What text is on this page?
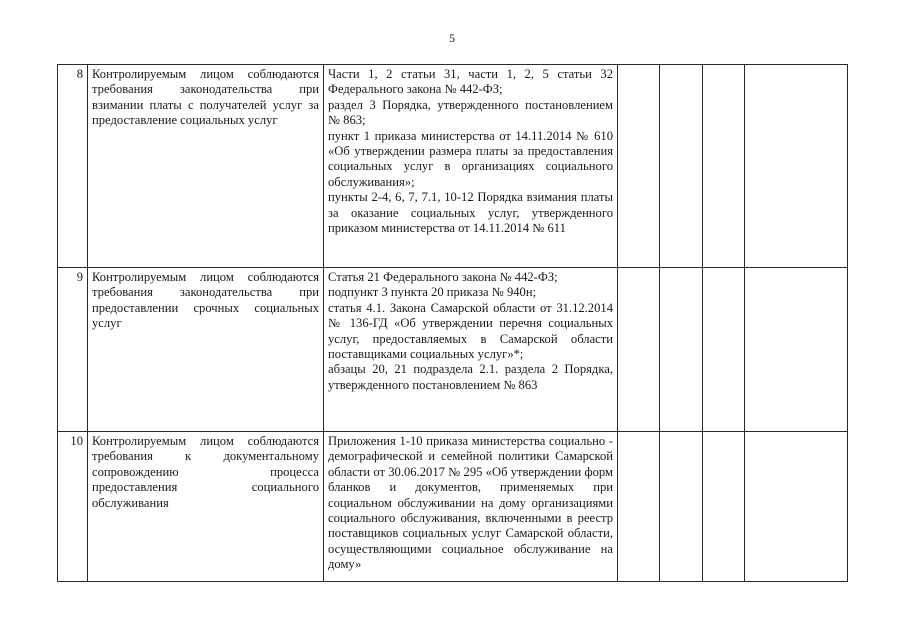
5
8	Контролируемым лицом соблюдаются требования законодательства при взимании платы с получателей услуг за предоставление социальных услуг	Части 1, 2 статьи 31, части 1, 2, 5 статьи 32 Федерального закона № 442-ФЗ;
раздел 3 Порядка, утвержденного постановлением № 863;
пункт 1 приказа министерства от 14.11.2014 № 610 «Об утверждении размера платы за предоставления социальных услуг в организациях социального обслуживания»;
пункты 2-4, 6, 7, 7.1, 10-12 Порядка взимания платы за оказание социальных услуг, утвержденного приказом министерства от 14.11.2014 № 611				

9	Контролируемым лицом соблюдаются требования законодательства при предоставлении срочных социальных услуг	Статья 21 Федерального закона № 442-ФЗ;
подпункт 3 пункта 20 приказа № 940н;
статья 4.1. Закона Самарской области от 31.12.2014 № 136-ГД «Об утверждении перечня социальных услуг, предоставляемых в Самарской области поставщиками социальных услуг»*;
абзацы 20, 21 подраздела 2.1. раздела 2 Порядка, утвержденного постановлением № 863				

10	Контролируемым лицом соблюдаются требования к документальному сопровождению процесса предоставления социального обслуживания	Приложения 1-10 приказа министерства социально - демографической и семейной политики Самарской области от 30.06.2017 № 295 «Об утверждении форм бланков и документов, применяемых при социальном обслуживании на дому организациями социального обслуживания, включенными в реестр поставщиков социальных услуг Самарской области, осуществляющими социальное обслуживание на дому»				
